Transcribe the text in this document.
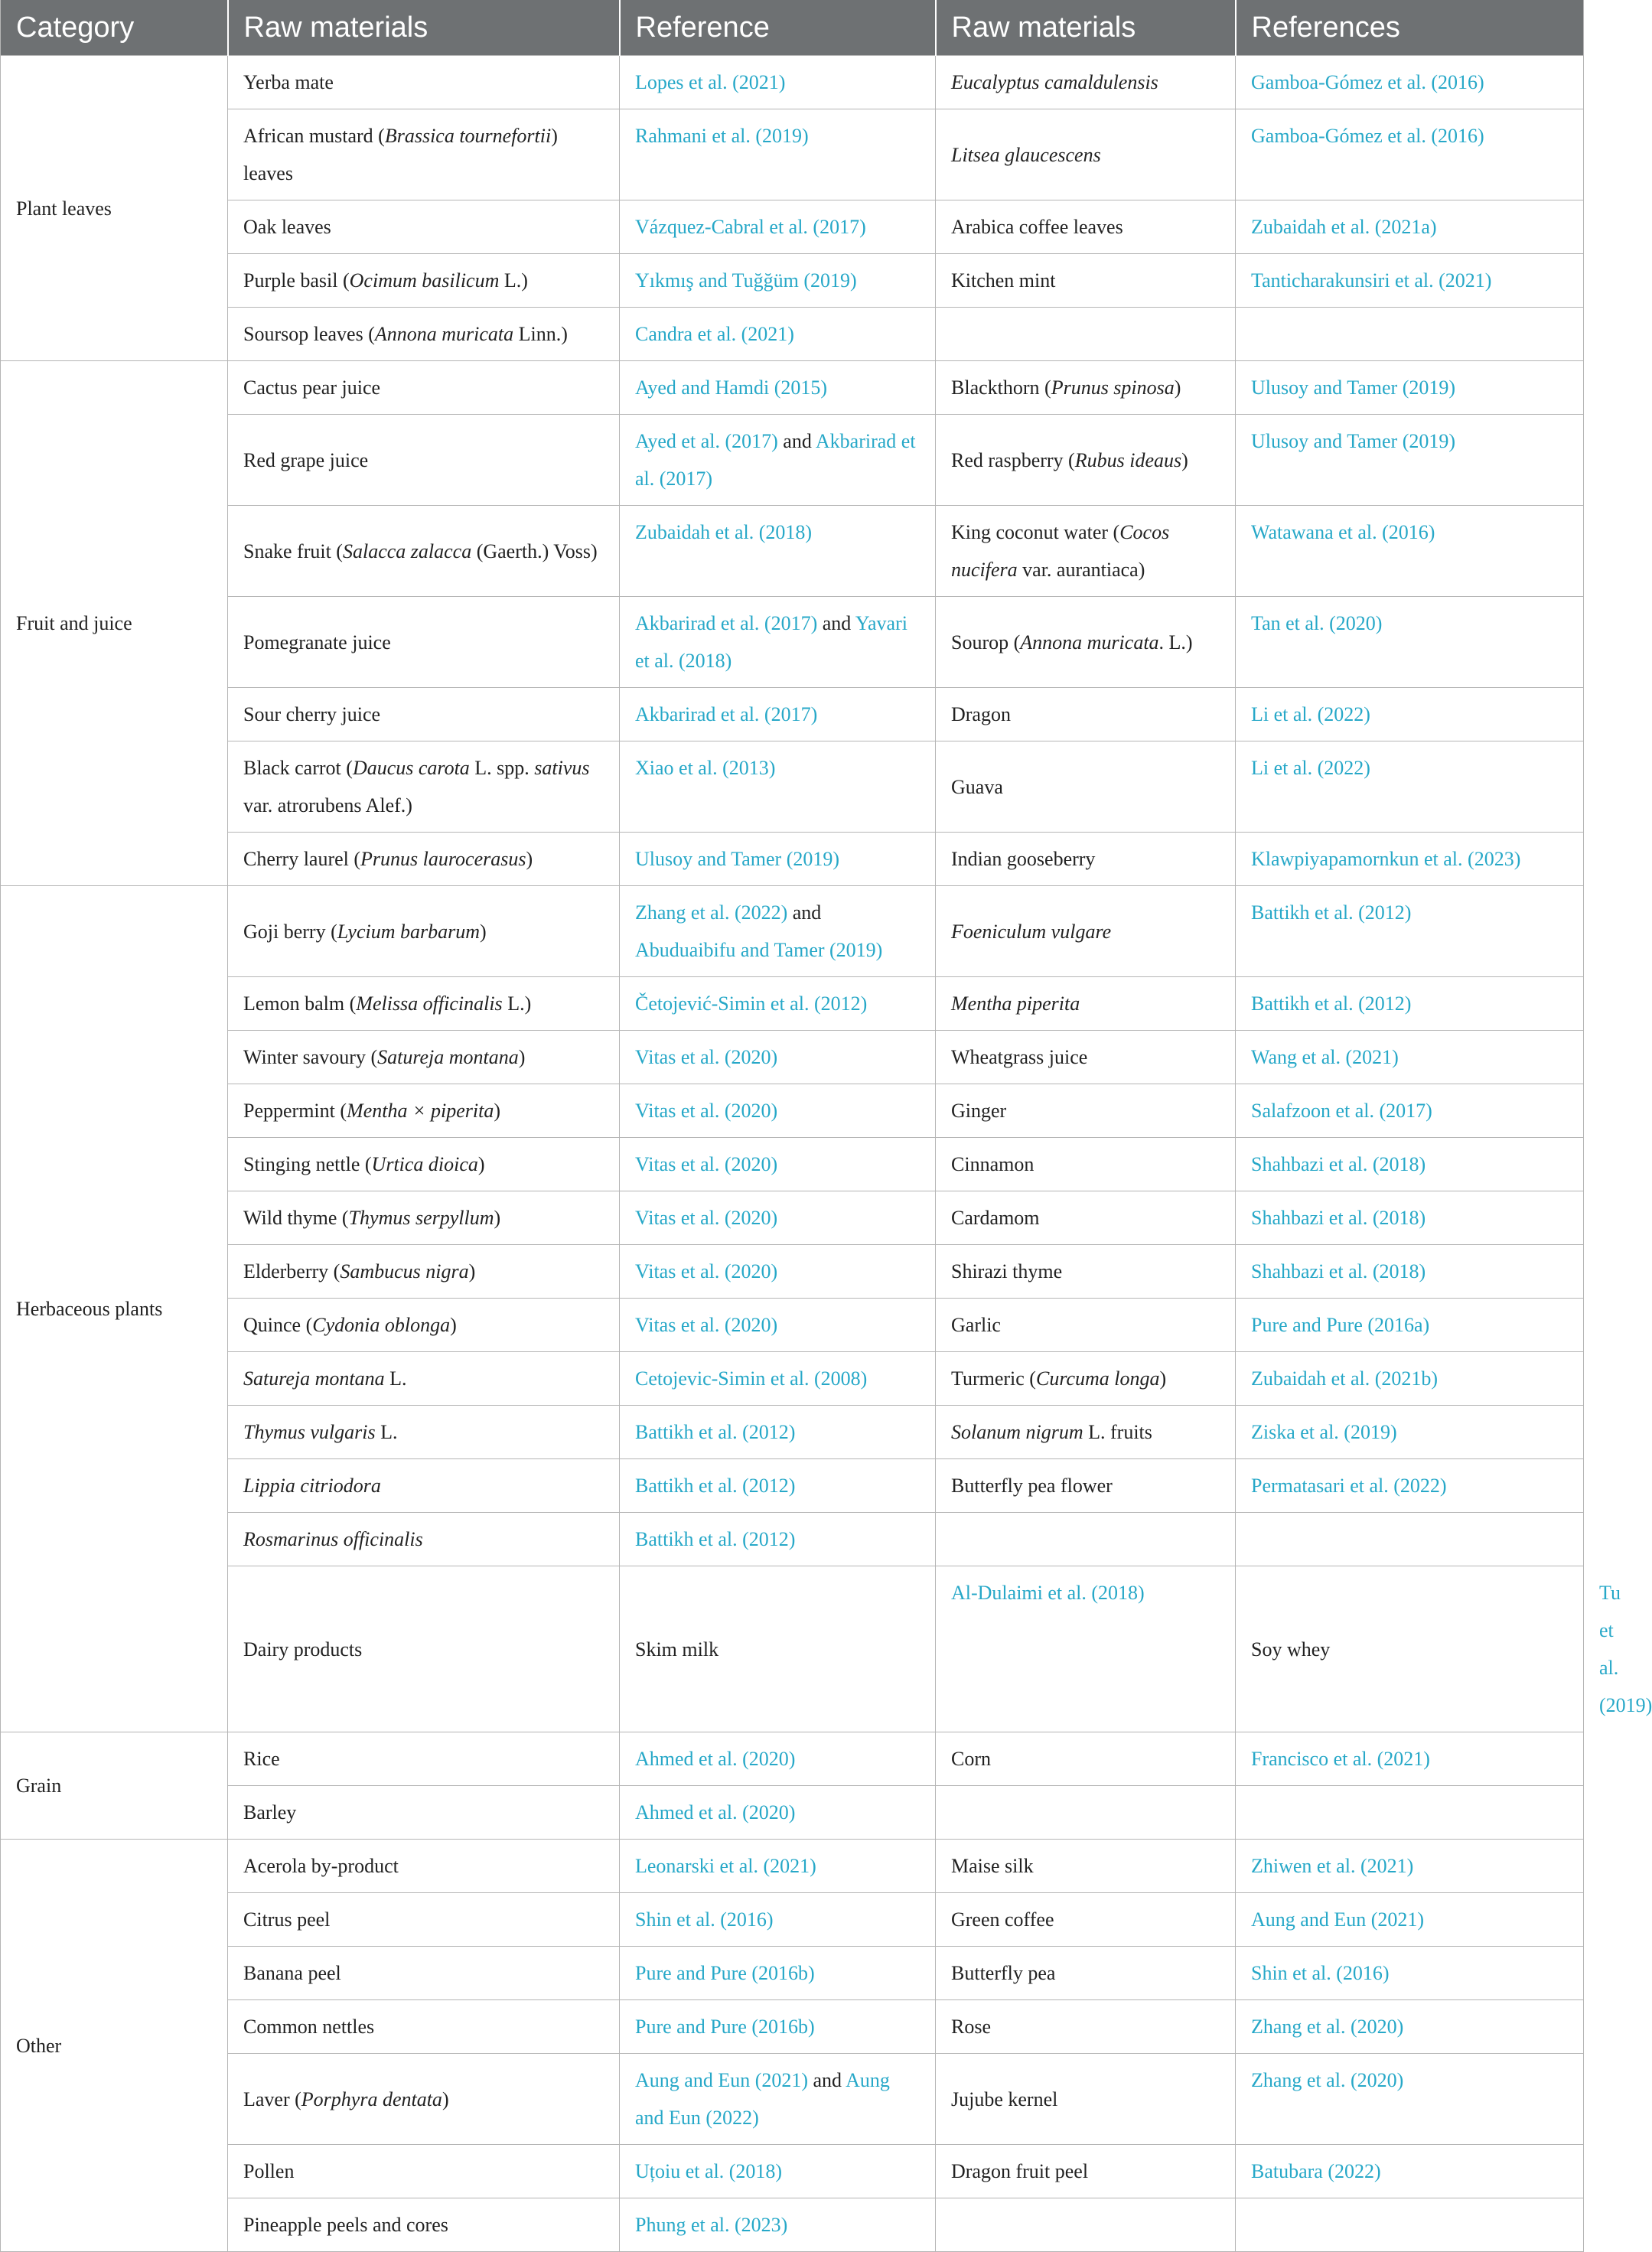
Category	Raw materials	Reference	Raw materials	References	
Plant leaves	Yerba mate	Lopes et al. (2021)	Eucalyptus camaldulensis	Gamboa-Gómez et al. (2016)	
	African mustard (Brassica tournefortii) leaves	Rahmani et al. (2019)	Litsea glaucescens	Gamboa-Gómez et al. (2016)	
	Oak leaves	Vázquez-Cabral et al. (2017)	Arabica coffee leaves	Zubaidah et al. (2021a)	
	Purple basil (Ocimum basilicum L.)	Yıkmış and Tuğğüm (2019)	Kitchen mint	Tanticharakunsiri et al. (2021)	
	Soursop leaves (Annona muricata Linn.)	Candra et al. (2021)			
Fruit and juice	Cactus pear juice	Ayed and Hamdi (2015)	Blackthorn (Prunus spinosa)	Ulusoy and Tamer (2019)	
	Red grape juice	Ayed et al. (2017) and Akbarirad et al. (2017)	Red raspberry (Rubus ideaus)	Ulusoy and Tamer (2019)	
	Snake fruit (Salacca zalacca (Gaerth.) Voss)	Zubaidah et al. (2018)	King coconut water (Cocos nucifera var. aurantiaca)	Watawana et al. (2016)	
	Pomegranate juice	Akbarirad et al. (2017) and Yavari et al. (2018)	Sourop (Annona muricata. L.)	Tan et al. (2020)	
	Sour cherry juice	Akbarirad et al. (2017)	Dragon	Li et al. (2022)	
	Black carrot (Daucus carota L. spp. sativus var. atrorubens Alef.)	Xiao et al. (2013)	Guava	Li et al. (2022)	
	Cherry laurel (Prunus laurocerasus)	Ulusoy and Tamer (2019)	Indian gooseberry	Klawpiyapamornkun et al. (2023)	
Herbaceous plants	Goji berry (Lycium barbarum)	Zhang et al. (2022) and Abuduaibifu and Tamer (2019)	Foeniculum vulgare	Battikh et al. (2012)	
	Lemon balm (Melissa officinalis L.)	Četojević-Simin et al. (2012)	Mentha piperita	Battikh et al. (2012)	
	Winter savoury (Satureja montana)	Vitas et al. (2020)	Wheatgrass juice	Wang et al. (2021)	
	Peppermint (Mentha × piperita)	Vitas et al. (2020)	Ginger	Salafzoon et al. (2017)	
	Stinging nettle (Urtica dioica)	Vitas et al. (2020)	Cinnamon	Shahbazi et al. (2018)	
	Wild thyme (Thymus serpyllum)	Vitas et al. (2020)	Cardamom	Shahbazi et al. (2018)	
	Elderberry (Sambucus nigra)	Vitas et al. (2020)	Shirazi thyme	Shahbazi et al. (2018)	
	Quince (Cydonia oblonga)	Vitas et al. (2020)	Garlic	Pure and Pure (2016a)	
	Satureja montana L.	Cetojevic-Simin et al. (2008)	Turmeric (Curcuma longa)	Zubaidah et al. (2021b)	
	Thymus vulgaris L.	Battikh et al. (2012)	Solanum nigrum L. fruits	Ziska et al. (2019)	
	Lippia citriodora	Battikh et al. (2012)	Butterfly pea flower	Permatasari et al. (2022)	
	Rosmarinus officinalis	Battikh et al. (2012)			
	Dairy products	Skim milk	Al-Dulaimi et al. (2018)	Soy whey	Tu et al. (2019)
Grain	Rice	Ahmed et al. (2020)	Corn	Francisco et al. (2021)	
	Barley	Ahmed et al. (2020)			
Other	Acerola by-product	Leonarski et al. (2021)	Maise silk	Zhiwen et al. (2021)	
	Citrus peel	Shin et al. (2016)	Green coffee	Aung and Eun (2021)	
	Banana peel	Pure and Pure (2016b)	Butterfly pea	Shin et al. (2016)	
	Common nettles	Pure and Pure (2016b)	Rose	Zhang et al. (2020)	
	Laver (Porphyra dentata)	Aung and Eun (2021) and Aung and Eun (2022)	Jujube kernel	Zhang et al. (2020)	
	Pollen	Uțoiu et al. (2018)	Dragon fruit peel	Batubara (2022)	
	Pineapple peels and cores	Phung et al. (2023)			
